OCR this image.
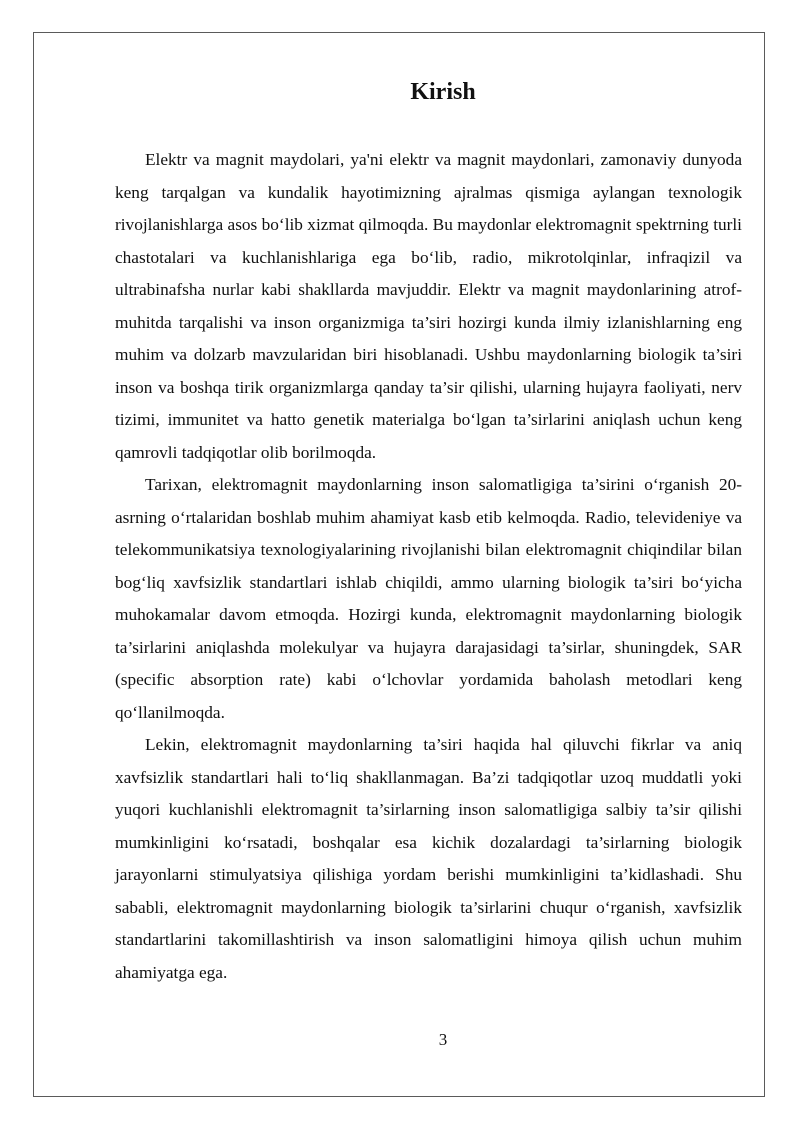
Kirish

Elektr va magnit maydolari, ya'ni elektr va magnit maydonlari, zamonaviy dunyoda keng tarqalgan va kundalik hayotimizning ajralmas qismiga aylangan texnologik rivojlanishlarga asos bo‘lib xizmat qilmoqda. Bu maydonlar elektromagnit spektrning turli chastotalari va kuchlanishlariga ega bo‘lib, radio, mikrotolqinlar, infraqizil va ultrabinafsha nurlar kabi shakllarda mavjuddir. Elektr va magnit maydonlarining atrof-muhitda tarqalishi va inson organizmiga ta’siri hozirgi kunda ilmiy izlanishlarning eng muhim va dolzarb mavzularidan biri hisoblanadi. Ushbu maydonlarning biologik ta’siri inson va boshqa tirik organizmlarga qanday ta’sir qilishi, ularning hujayra faoliyati, nerv tizimi, immunitet va hatto genetik materialga bo‘lgan ta’sirlarini aniqlash uchun keng qamrovli tadqiqotlar olib borilmoqda.

Tarixan, elektromagnit maydonlarning inson salomatligiga ta’sirini o‘rganish 20-asrning o‘rtalaridan boshlab muhim ahamiyat kasb etib kelmoqda. Radio, televideniye va telekommunikatsiya texnologiyalarining rivojlanishi bilan elektromagnit chiqindilar bilan bog‘liq xavfsizlik standartlari ishlab chiqildi, ammo ularning biologik ta’siri bo‘yicha muhokamalar davom etmoqda. Hozirgi kunda, elektromagnit maydonlarning biologik ta’sirlarini aniqlashda molekulyar va hujayra darajasidagi ta’sirlar, shuningdek, SAR (specific absorption rate) kabi o‘lchovlar yordamida baholash metodlari keng qo‘llanilmoqda.

Lekin, elektromagnit maydonlarning ta’siri haqida hal qiluvchi fikrlar va aniq xavfsizlik standartlari hali to‘liq shakllanmagan. Ba’zi tadqiqotlar uzoq muddatli yoki yuqori kuchlanishli elektromagnit ta’sirlarning inson salomatligiga salbiy ta’sir qilishi mumkinligini ko‘rsatadi, boshqalar esa kichik dozalardagi ta’sirlarning biologik jarayonlarni stimulyatsiya qilishiga yordam berishi mumkinligini ta’kidlashadi. Shu sababli, elektromagnit maydonlarning biologik ta’sirlarini chuqur o‘rganish, xavfsizlik standartlarini takomillashtirish va inson salomatligini himoya qilish uchun muhim ahamiyatga ega.

3
